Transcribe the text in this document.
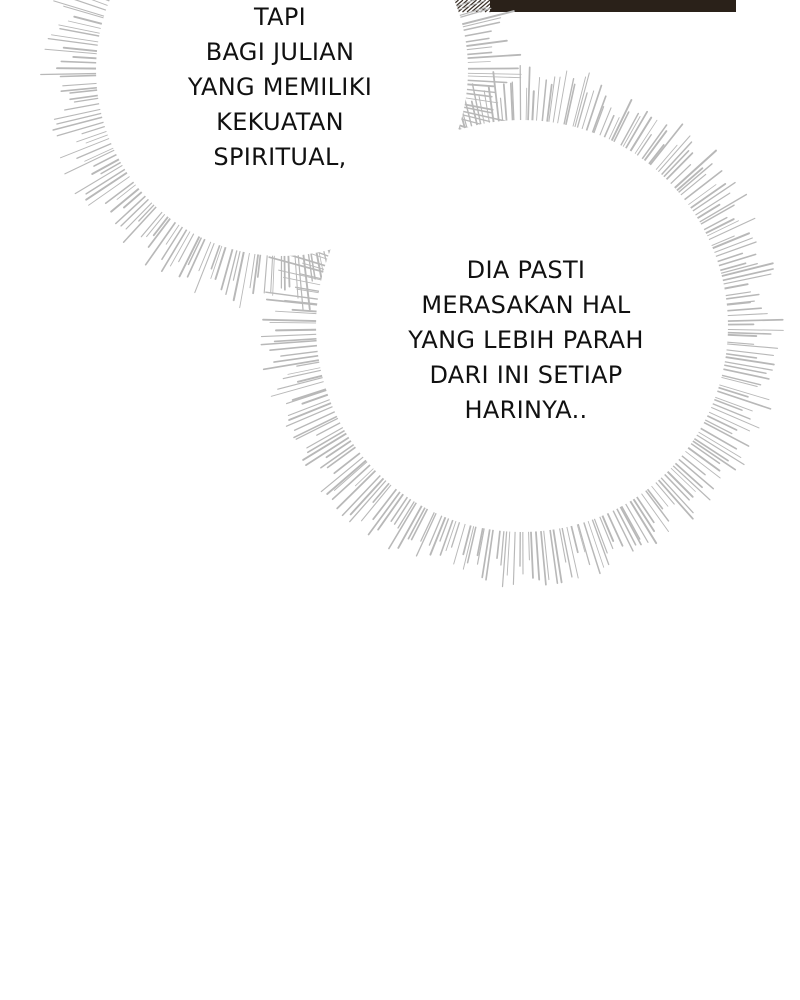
TAPI
BAGI JULIAN
YANG MEMILIKI
KEKUATAN
SPIRITUAL,
DIA PASTI
MERASAKAN HAL
YANG LEBIH PARAH
DARI INI SETIAP
HARINYA..
